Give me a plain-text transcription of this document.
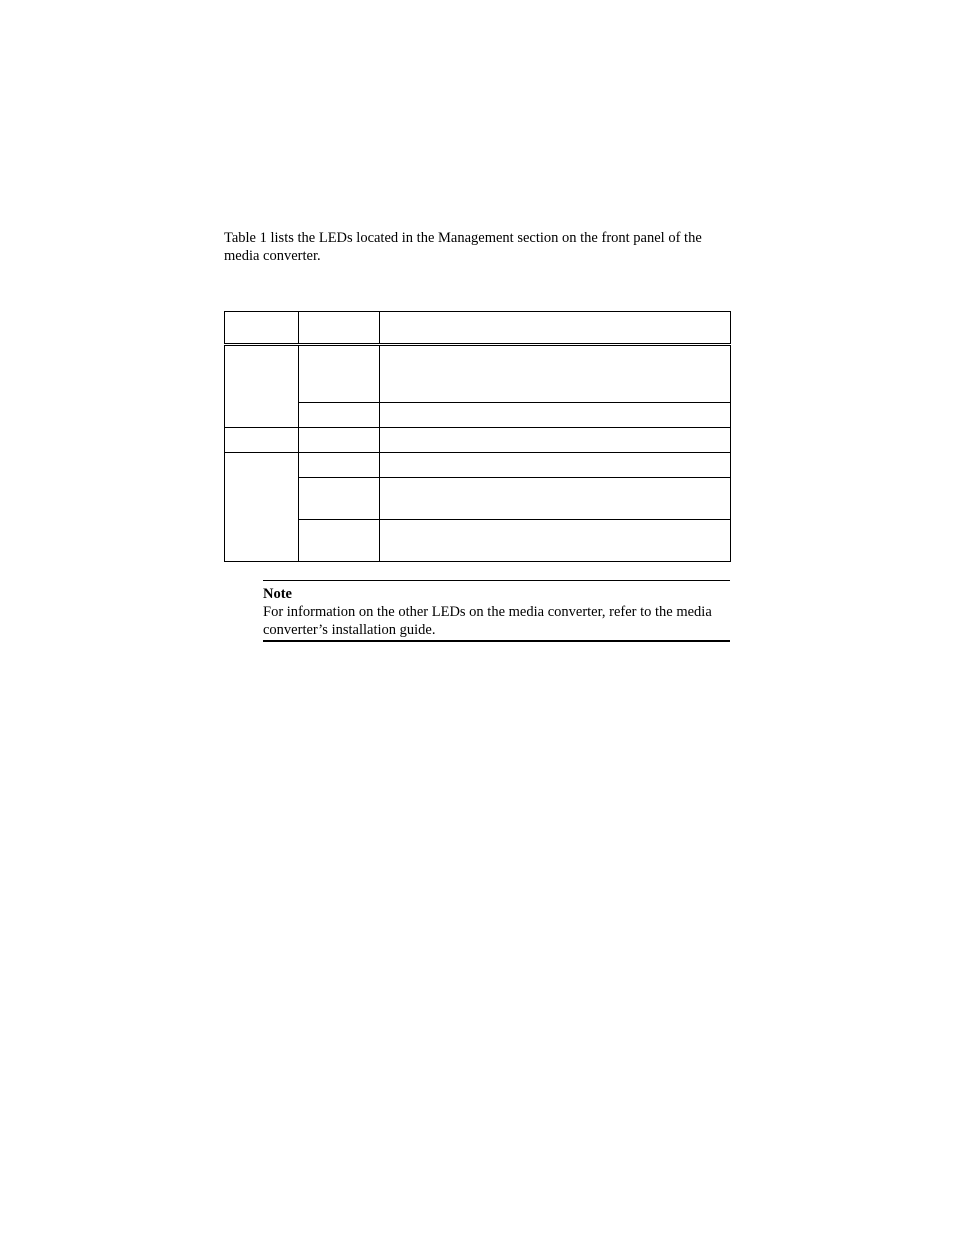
Table 1 lists the LEDs located in the Management section on the front panel of the media converter.

Note

For information on the other LEDs on the media converter, refer to the media converter’s installation guide.
